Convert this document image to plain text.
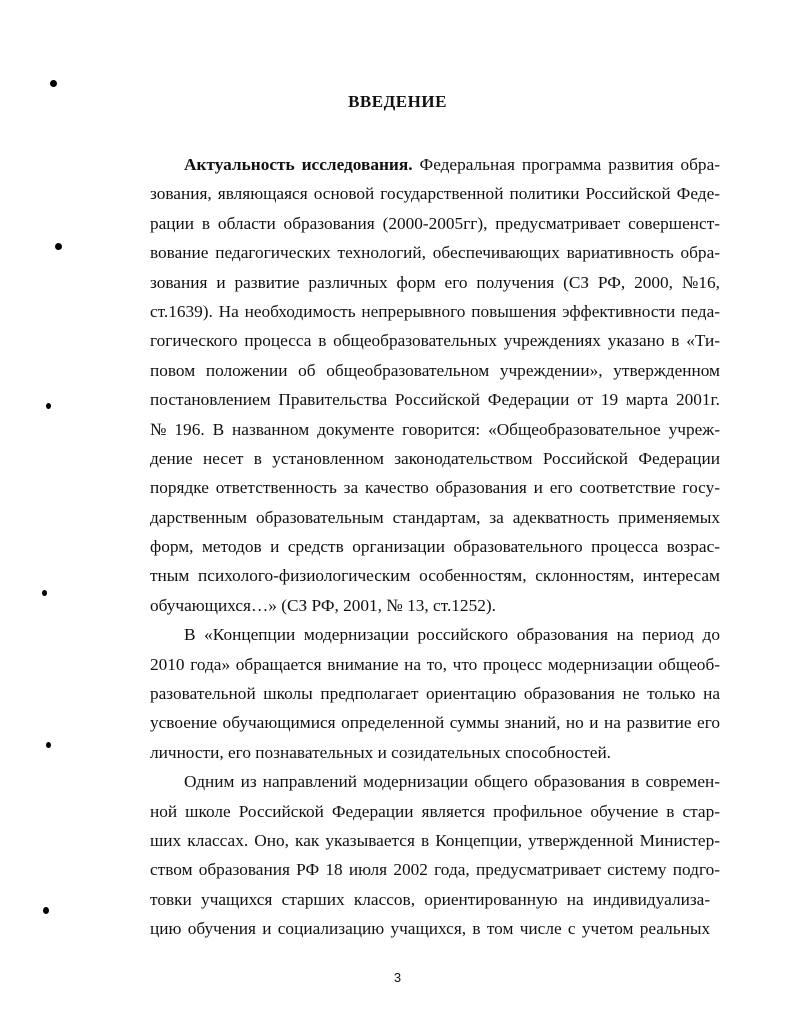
ВВЕДЕНИЕ
Актуальность исследования. Федеральная программа развития обра-
зования, являющаяся основой государственной политики Российской Феде-
рации в области образования (2000-2005гг), предусматривает совершенст-
вование педагогических технологий, обеспечивающих вариативность обра-
зования и развитие различных форм его получения (СЗ РФ, 2000, №16,
ст.1639). На необходимость непрерывного повышения эффективности педа-
гогического процесса в общеобразовательных учреждениях указано в «Ти-
повом положении об общеобразовательном учреждении», утвержденном
постановлением Правительства Российской Федерации от 19 марта 2001г.
№ 196. В названном документе говорится: «Общеобразовательное учреж-
дение несет в установленном законодательством Российской Федерации
порядке ответственность за качество образования и его соответствие госу-
дарственным образовательным стандартам, за адекватность применяемых
форм, методов и средств организации образовательного процесса возрас-
тным психолого-физиологическим особенностям, склонностям, интересам
обучающихся…» (СЗ РФ, 2001, № 13, ст.1252).
В «Концепции модернизации российского образования на период до
2010 года» обращается внимание на то, что процесс модернизации общеоб-
разовательной школы предполагает ориентацию образования не только на
усвоение обучающимися определенной суммы знаний, но и на развитие его
личности, его познавательных и созидательных способностей.
Одним из направлений модернизации общего образования в современ-
ной школе Российской Федерации является профильное обучение в стар-
ших классах. Оно, как указывается в Концепции, утвержденной Министер-
ством образования РФ 18 июля 2002 года, предусматривает систему подго-
товки учащихся старших классов, ориентированную на индивидуализа-
цию обучения и социализацию учащихся, в том числе с учетом реальных
3
